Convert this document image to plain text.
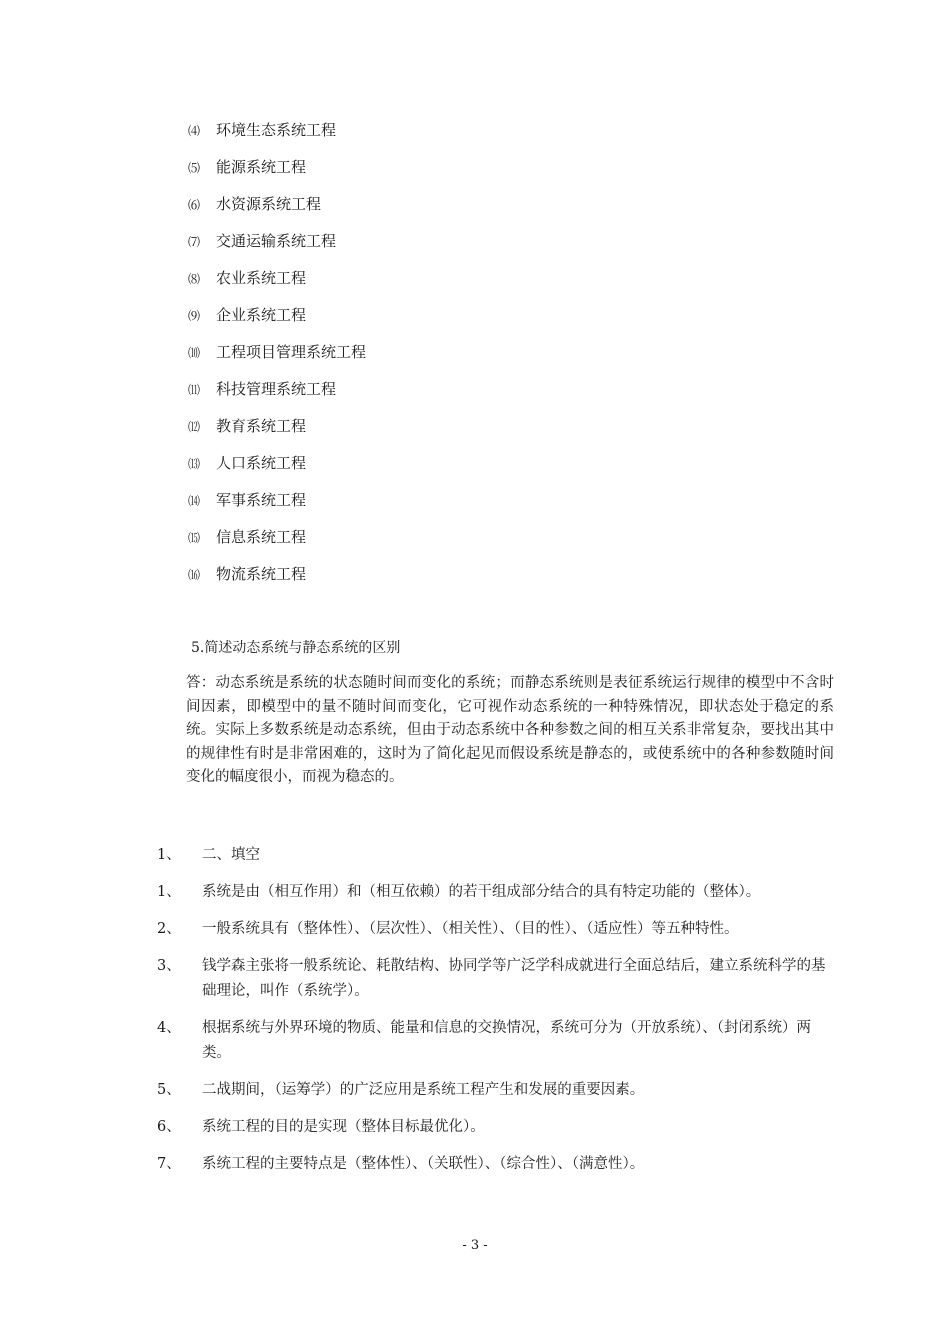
⑷ 环境生态系统工程
⑸ 能源系统工程
⑹ 水资源系统工程
⑺ 交通运输系统工程
⑻ 农业系统工程
⑼ 企业系统工程
⑽ 工程项目管理系统工程
⑾ 科技管理系统工程
⑿ 教育系统工程
⒀ 人口系统工程
⒁ 军事系统工程
⒂ 信息系统工程
⒃ 物流系统工程
5.简述动态系统与静态系统的区别
答：动态系统是系统的状态随时间而变化的系统；而静态系统则是表征系统运行规律的模型中不含时间因素，即模型中的量不随时间而变化，它可视作动态系统的一种特殊情况，即状态处于稳定的系统。实际上多数系统是动态系统，但由于动态系统中各种参数之间的相互关系非常复杂，要找出其中的规律性有时是非常困难的，这时为了简化起见而假设系统是静态的，或使系统中的各种参数随时间变化的幅度很小，而视为稳态的。
1、	二、填空
1、	系统是由（相互作用）和（相互依赖）的若干组成部分结合的具有特定功能的（整体）。
2、	一般系统具有（整体性）、（层次性）、（相关性）、（目的性）、（适应性）等五种特性。
3、	钱学森主张将一般系统论、耗散结构、协同学等广泛学科成就进行全面总结后，建立系统科学的基础理论，叫作（系统学）。
4、	根据系统与外界环境的物质、能量和信息的交换情况，系统可分为（开放系统）、（封闭系统）两类。
5、	二战期间，（运筹学）的广泛应用是系统工程产生和发展的重要因素。
6、	系统工程的目的是实现（整体目标最优化）。
7、	系统工程的主要特点是（整体性）、（关联性）、（综合性）、（满意性）。
- 3 -
